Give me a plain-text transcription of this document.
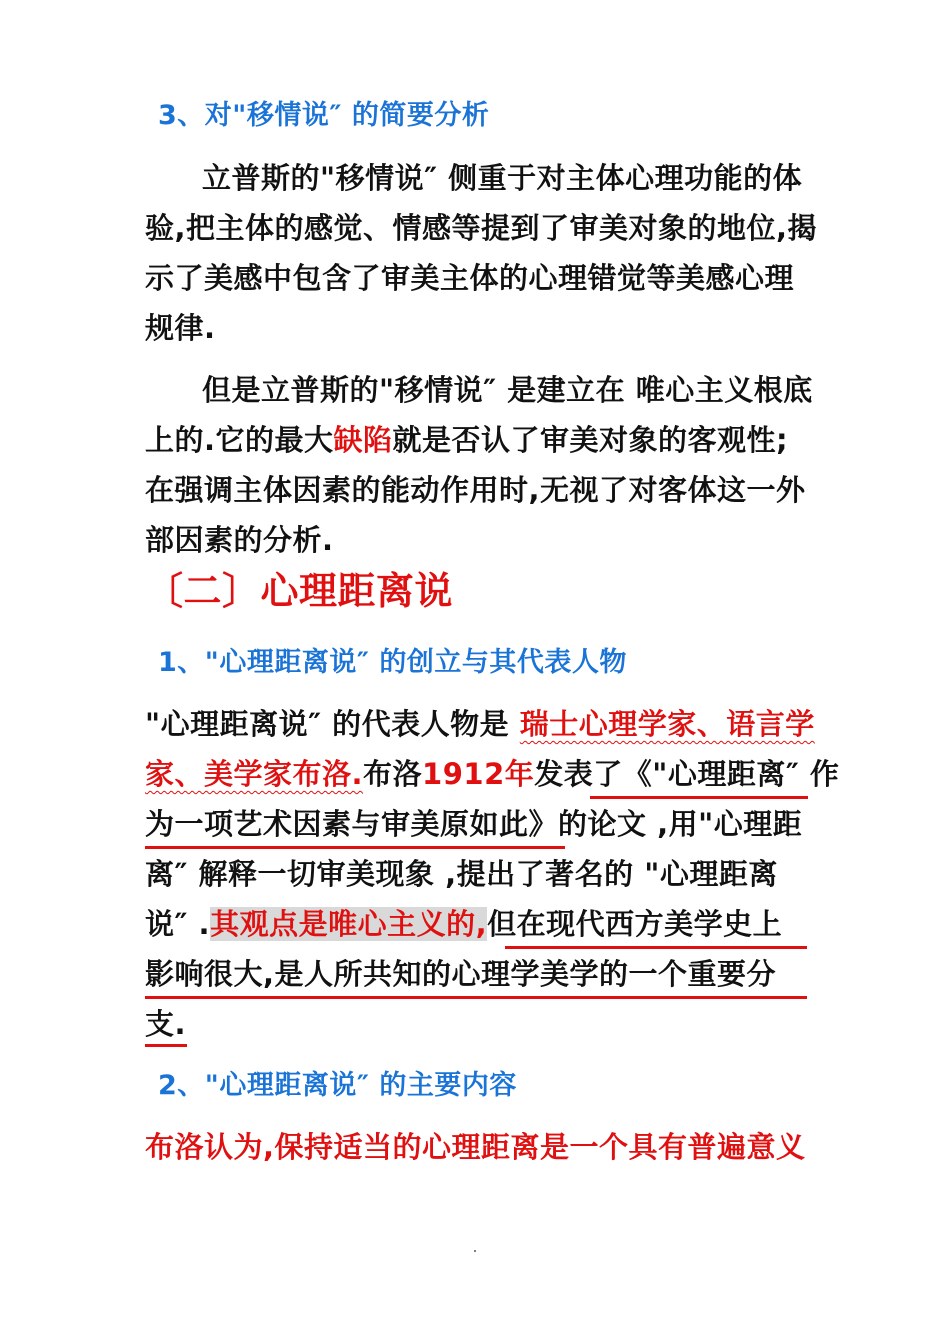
3、对"移情说″ 的简要分析
立普斯的"移情说″ 侧重于对主体心理功能的体
验,把主体的感觉、情感等提到了审美对象的地位,揭
示了美感中包含了审美主体的心理错觉等美感心理
规律.
但是立普斯的"移情说″ 是建立在 唯心主义根底
上的.它的最大缺陷就是否认了审美对象的客观性;
在强调主体因素的能动作用时,无视了对客体这一外
部因素的分析.
〔二〕心理距离说
1、"心理距离说″ 的创立与其代表人物
"心理距离说″ 的代表人物是 瑞士心理学家、语言学
家、美学家布洛.布洛1912年发表了《"心理距离″ 作
为一项艺术因素与审美原如此》的论文 ,用"心理距
离″ 解释一切审美现象 ,提出了著名的 "心理距离
说″ .其观点是唯心主义的,但在现代西方美学史上
影响很大,是人所共知的心理学美学的一个重要分
支.
2、"心理距离说″ 的主要内容
布洛认为,保持适当的心理距离是一个具有普遍意义
